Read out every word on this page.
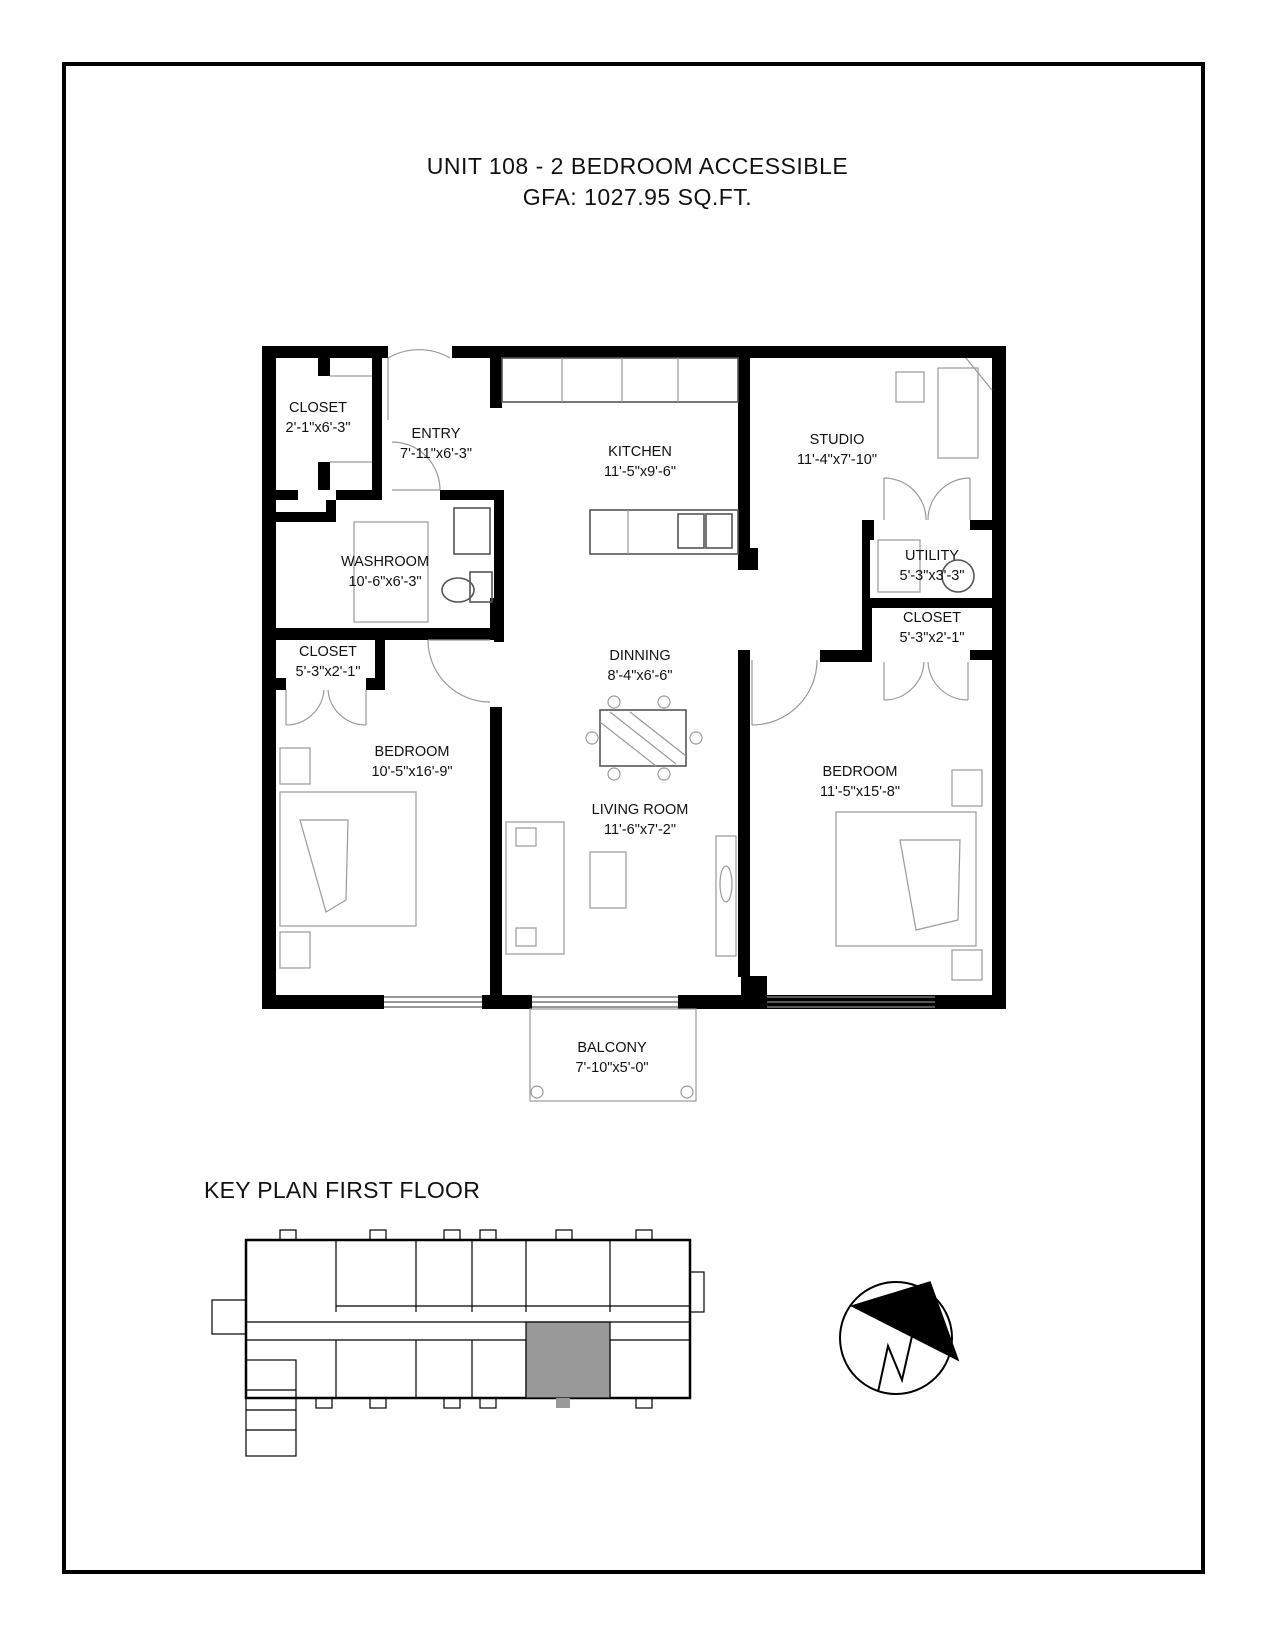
UNIT 108 - 2 BEDROOM ACCESSIBLE
GFA: 1027.95 SQ.FT.
CLOSET
2'-1"x6'-3"	ENTRY
7'-11"x6'-3"	KITCHEN
11'-5"x9'-6"
STUDIO
11'-4"x7'-10"
WASHROOM
10'-6"x6'-3"
UTILITY
5'-3"x3'-3"
CLOSET
5'-3"x2'-1"
CLOSET
5'-3"x2'-1"
DINNING
8'-4"x6'-6"
BEDROOM
10'-5"x16'-9"	BEDROOM
11'-5"x15'-8"
LIVING ROOM
11'-6"x7'-2"
BALCONY
7'-10"x5'-0"
KEY PLAN FIRST FLOOR
